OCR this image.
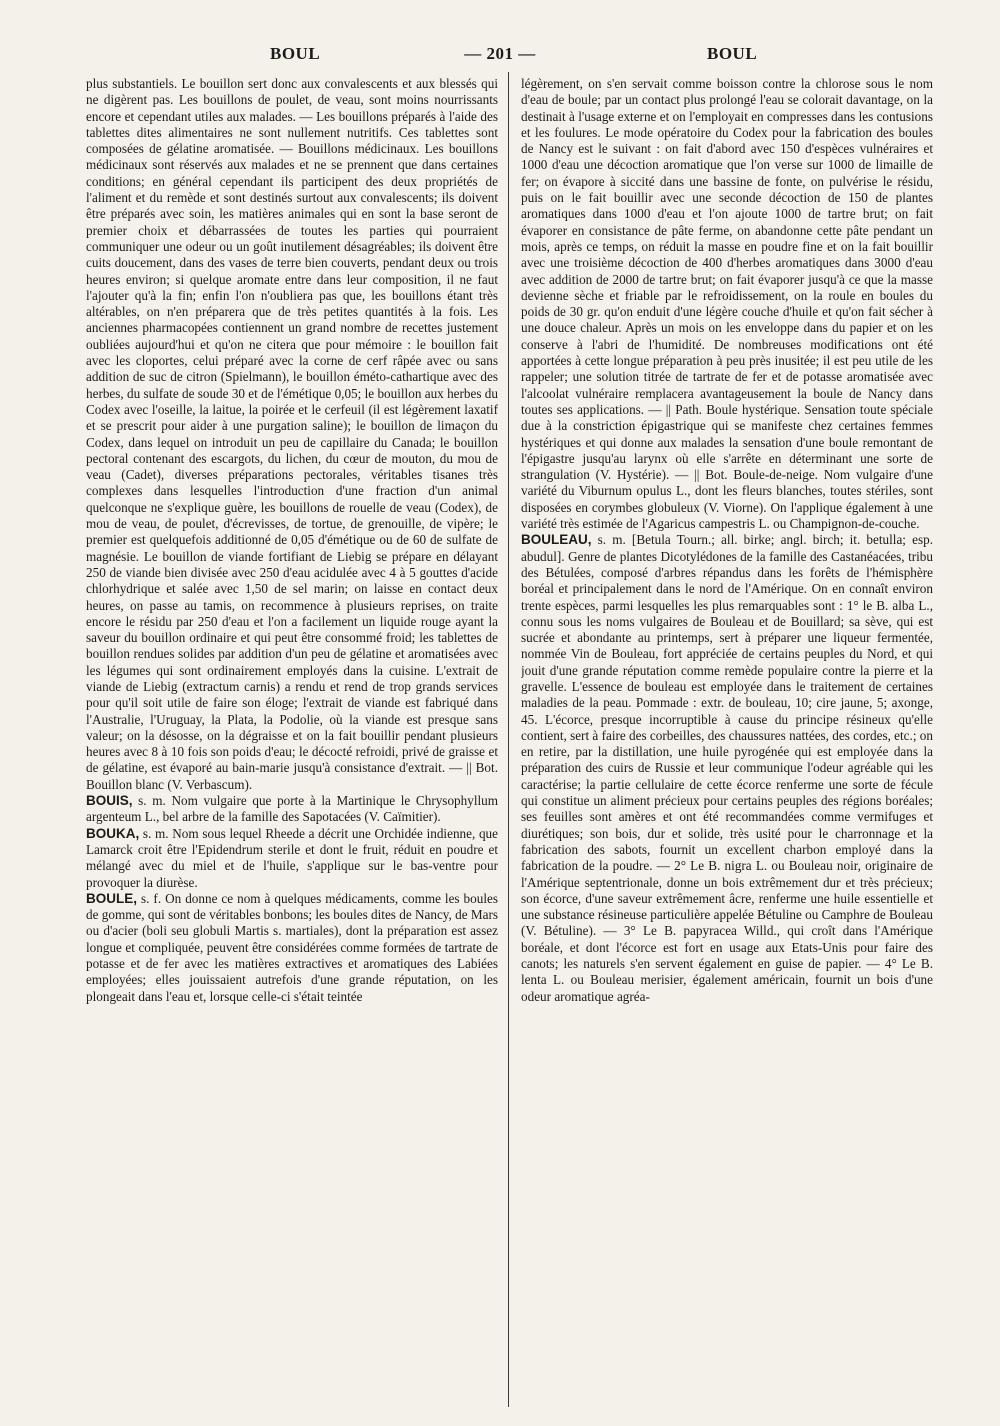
BOUL	— 201 —	BOUL

plus substantiels. Le bouillon sert donc aux convalescents et aux blessés qui ne digèrent pas. Les bouillons de poulet, de veau, sont moins nourrissants encore et cependant utiles aux malades. — Les bouillons préparés à l'aide des tablettes dites alimentaires ne sont nullement nutritifs. Ces tablettes sont composées de gélatine aromatisée. — Bouillons médicinaux. Les bouillons médicinaux sont réservés aux malades et ne se prennent que dans certaines conditions; en général cependant ils participent des deux propriétés de l'aliment et du remède et sont destinés surtout aux convalescents; ils doivent être préparés avec soin, les matières animales qui en sont la base seront de premier choix et débarrassées de toutes les parties qui pourraient communiquer une odeur ou un goût inutilement désagréables; ils doivent être cuits doucement, dans des vases de terre bien couverts, pendant deux ou trois heures environ; si quelque aromate entre dans leur composition, il ne faut l'ajouter qu'à la fin; enfin l'on n'oubliera pas que, les bouillons étant très altérables, on n'en préparera que de très petites quantités à la fois. Les anciennes pharmacopées contiennent un grand nombre de recettes justement oubliées aujourd'hui et qu'on ne citera que pour mémoire : le bouillon fait avec les cloportes, celui préparé avec la corne de cerf râpée avec ou sans addition de suc de citron (Spielmann), le bouillon éméto-cathartique avec des herbes, du sulfate de soude 30 et de l'émétique 0,05; le bouillon aux herbes du Codex avec l'oseille, la laitue, la poirée et le cerfeuil (il est légèrement laxatif et se prescrit pour aider à une purgation saline); le bouillon de limaçon du Codex, dans lequel on introduit un peu de capillaire du Canada; le bouillon pectoral contenant des escargots, du lichen, du cœur de mouton, du mou de veau (Cadet), diverses préparations pectorales, véritables tisanes très complexes dans lesquelles l'introduction d'une fraction d'un animal quelconque ne s'explique guère, les bouillons de rouelle de veau (Codex), de mou de veau, de poulet, d'écrevisses, de tortue, de grenouille, de vipère; le premier est quelquefois additionné de 0,05 d'émétique ou de 60 de sulfate de magnésie. Le bouillon de viande fortifiant de Liebig se prépare en délayant 250 de viande bien divisée avec 250 d'eau acidulée avec 4 à 5 gouttes d'acide chlorhydrique et salée avec 1,50 de sel marin; on laisse en contact deux heures, on passe au tamis, on recommence à plusieurs reprises, on traite encore le résidu par 250 d'eau et l'on a facilement un liquide rouge ayant la saveur du bouillon ordinaire et qui peut être consommé froid; les tablettes de bouillon rendues solides par addition d'un peu de gélatine et aromatisées avec les légumes qui sont ordinairement employés dans la cuisine. L'extrait de viande de Liebig (extractum carnis) a rendu et rend de trop grands services pour qu'il soit utile de faire son éloge; l'extrait de viande est fabriqué dans l'Australie, l'Uruguay, la Plata, la Podolie, où la viande est presque sans valeur; on la désosse, on la dégraisse et on la fait bouillir pendant plusieurs heures avec 8 à 10 fois son poids d'eau; le décocté refroidi, privé de graisse et de gélatine, est évaporé au bain-marie jusqu'à consistance d'extrait. — || Bot. Bouillon blanc (V. Verbascum).

BOUIS, s. m. Nom vulgaire que porte à la Martinique le Chrysophyllum argenteum L., bel arbre de la famille des Sapotacées (V. Caïmitier).

BOUKA, s. m. Nom sous lequel Rheede a décrit une Orchidée indienne, que Lamarck croit être l'Epidendrum sterile et dont le fruit, réduit en poudre et mélangé avec du miel et de l'huile, s'applique sur le bas-ventre pour provoquer la diurèse.

BOULE, s. f. On donne ce nom à quelques médicaments, comme les boules de gomme, qui sont de véritables bonbons; les boules dites de Nancy, de Mars ou d'acier (boli seu globuli Martis s. martiales), dont la préparation est assez longue et compliquée, peuvent être considérées comme formées de tartrate de potasse et de fer avec les matières extractives et aromatiques des Labiées employées; elles jouissaient autrefois d'une grande réputation, on les plongeait dans l'eau et, lorsque celle-ci s'était teintée

légèrement, on s'en servait comme boisson contre la chlorose sous le nom d'eau de boule; par un contact plus prolongé l'eau se colorait davantage, on la destinait à l'usage externe et on l'employait en compresses dans les contusions et les foulures. Le mode opératoire du Codex pour la fabrication des boules de Nancy est le suivant : on fait d'abord avec 150 d'espèces vulnéraires et 1000 d'eau une décoction aromatique que l'on verse sur 1000 de limaille de fer; on évapore à siccité dans une bassine de fonte, on pulvérise le résidu, puis on le fait bouillir avec une seconde décoction de 150 de plantes aromatiques dans 1000 d'eau et l'on ajoute 1000 de tartre brut; on fait évaporer en consistance de pâte ferme, on abandonne cette pâte pendant un mois, après ce temps, on réduit la masse en poudre fine et on la fait bouillir avec une troisième décoction de 400 d'herbes aromatiques dans 3000 d'eau avec addition de 2000 de tartre brut; on fait évaporer jusqu'à ce que la masse devienne sèche et friable par le refroidissement, on la roule en boules du poids de 30 gr. qu'on enduit d'une légère couche d'huile et qu'on fait sécher à une douce chaleur. Après un mois on les enveloppe dans du papier et on les conserve à l'abri de l'humidité. De nombreuses modifications ont été apportées à cette longue préparation à peu près inusitée; il est peu utile de les rappeler; une solution titrée de tartrate de fer et de potasse aromatisée avec l'alcoolat vulnéraire remplacera avantageusement la boule de Nancy dans toutes ses applications. — || Path. Boule hystérique. Sensation toute spéciale due à la constriction épigastrique qui se manifeste chez certaines femmes hystériques et qui donne aux malades la sensation d'une boule remontant de l'épigastre jusqu'au larynx où elle s'arrête en déterminant une sorte de strangulation (V. Hystérie). — || Bot. Boule-de-neige. Nom vulgaire d'une variété du Viburnum opulus L., dont les fleurs blanches, toutes stériles, sont disposées en corymbes globuleux (V. Viorne). On l'applique également à une variété très estimée de l'Agaricus campestris L. ou Champignon-de-couche.

BOULEAU, s. m. [Betula Tourn.; all. birke; angl. birch; it. betulla; esp. abudul]. Genre de plantes Dicotylédones de la famille des Castanéacées, tribu des Bétulées, composé d'arbres répandus dans les forêts de l'hémisphère boréal et principalement dans le nord de l'Amérique. On en connaît environ trente espèces, parmi lesquelles les plus remarquables sont : 1° le B. alba L., connu sous les noms vulgaires de Bouleau et de Bouillard; sa sève, qui est sucrée et abondante au printemps, sert à préparer une liqueur fermentée, nommée Vin de Bouleau, fort appréciée de certains peuples du Nord, et qui jouit d'une grande réputation comme remède populaire contre la pierre et la gravelle. L'essence de bouleau est employée dans le traitement de certaines maladies de la peau. Pommade : extr. de bouleau, 10; cire jaune, 5; axonge, 45. L'écorce, presque incorruptible à cause du principe résineux qu'elle contient, sert à faire des corbeilles, des chaussures nattées, des cordes, etc.; on en retire, par la distillation, une huile pyrogénée qui est employée dans la préparation des cuirs de Russie et leur communique l'odeur agréable qui les caractérise; la partie cellulaire de cette écorce renferme une sorte de fécule qui constitue un aliment précieux pour certains peuples des régions boréales; ses feuilles sont amères et ont été recommandées comme vermifuges et diurétiques; son bois, dur et solide, très usité pour le charronnage et la fabrication des sabots, fournit un excellent charbon employé dans la fabrication de la poudre. — 2° Le B. nigra L. ou Bouleau noir, originaire de l'Amérique septentrionale, donne un bois extrêmement dur et très précieux; son écorce, d'une saveur extrêmement âcre, renferme une huile essentielle et une substance résineuse particulière appelée Bétuline ou Camphre de Bouleau (V. Bétuline). — 3° Le B. papyracea Willd., qui croît dans l'Amérique boréale, et dont l'écorce est fort en usage aux Etats-Unis pour faire des canots; les naturels s'en servent également en guise de papier. — 4° Le B. lenta L. ou Bouleau merisier, également américain, fournit un bois d'une odeur aromatique agréa-
